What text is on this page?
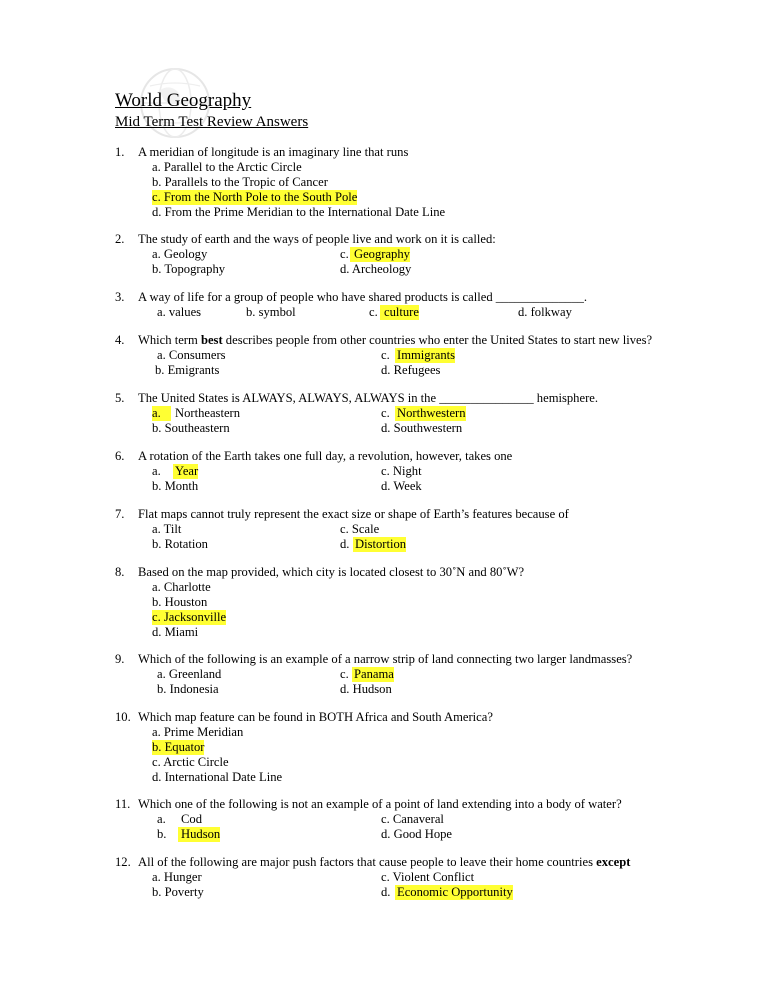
World Geography
Mid Term Test Review Answers
1. A meridian of longitude is an imaginary line that runs
a. Parallel to the Arctic Circle
b. Parallels to the Tropic of Cancer
c. From the North Pole to the South Pole
d. From the Prime Meridian to the International Date Line
2. The study of earth and the ways of people live and work on it is called:
a. Geology	c. Geography
b. Topography	d. Archeology
3. A way of life for a group of people who have shared products is called ______________.
a. values	b. symbol	c. culture	d. folkway
4. Which term best describes people from other countries who enter the United States to start new lives?
a. Consumers	c. Immigrants
b. Emigrants	d. Refugees
5. The United States is ALWAYS, ALWAYS, ALWAYS in the _______________ hemisphere.
a.	Northeastern	c. Northwestern
b. Southeastern	d. Southwestern
6. A rotation of the Earth takes one full day, a revolution, however, takes one
a. Year	c. Night
b. Month	d. Week
7. Flat maps cannot truly represent the exact size or shape of Earth’s features because of
a. Tilt	c. Scale
b. Rotation	d. Distortion
8. Based on the map provided, which city is located closest to 30˚N and 80˚W?
a. Charlotte
b. Houston
c. Jacksonville
d. Miami
9. Which of the following is an example of a narrow strip of land connecting two larger landmasses?
a. Greenland	c. Panama
b. Indonesia	d. Hudson
10. Which map feature can be found in BOTH Africa and South America?
a. Prime Meridian
b. Equator
c. Arctic Circle
d. International Date Line
11. Which one of the following is not an example of a point of land extending into a body of water?
a. Cod	c. Canaveral
b. Hudson	d. Good Hope
12. All of the following are major push factors that cause people to leave their home countries except
a. Hunger	c. Violent Conflict
b. Poverty	d. Economic Opportunity
